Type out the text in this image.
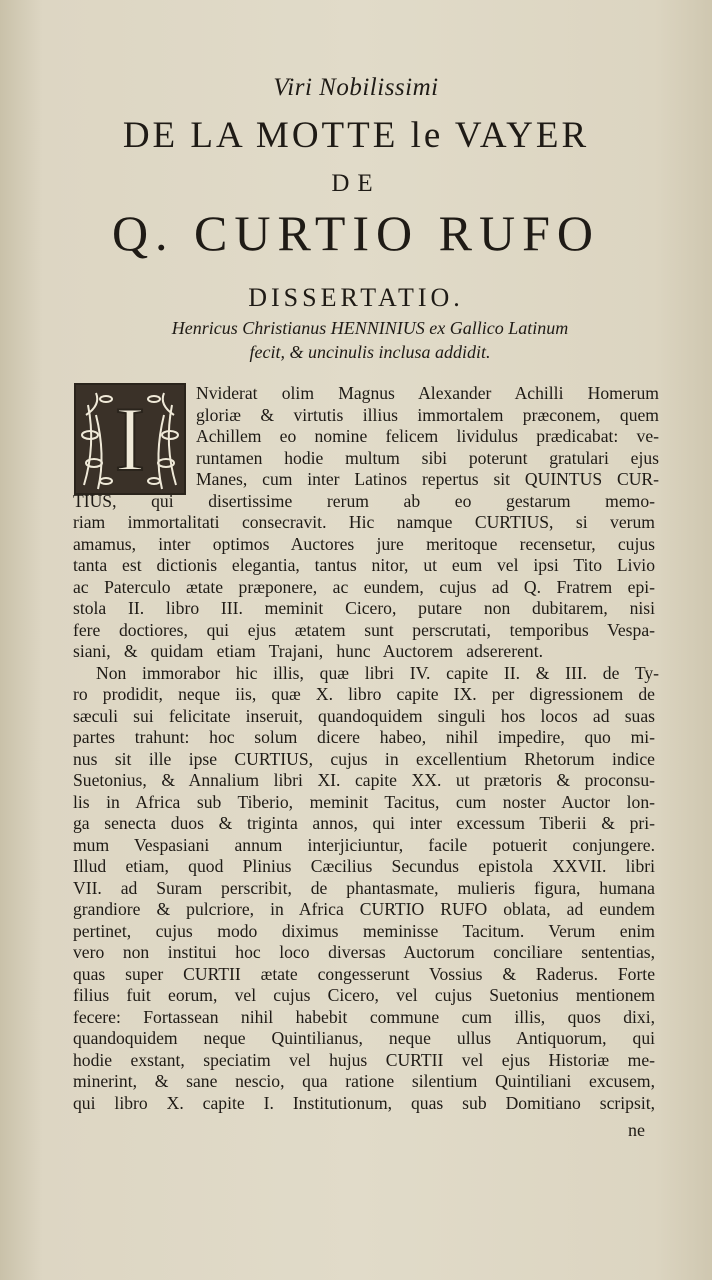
Viri Nobilissimi
DE LA MOTTE le VAYER
DE
Q. CURTIO RUFO
DISSERTATIO.
Henricus Christianus HENNINIUS ex Gallico Latinum
fecit, & uncinulis inclusa addidit.
I	Nviderat olim Magnus Alexander Achilli Homerum
gloriæ & virtutis illius immortalem præconem, quem
Achillem eo nomine felicem lividulus prædicabat: ve-
runtamen hodie multum sibi poterunt gratulari ejus
Manes, cum inter Latinos repertus sit QUINTUS CUR-
TIUS, qui disertissime rerum ab eo gestarum memo-
riam immortalitati consecravit. Hic namque CURTIUS, si verum
amamus, inter optimos Auctores jure meritoque recensetur, cujus
tanta est dictionis elegantia, tantus nitor, ut eum vel ipsi Tito Livio
ac Paterculo ætate præponere, ac eundem, cujus ad Q. Fratrem epi-
stola II. libro III. meminit Cicero, putare non dubitarem, nisi
fere doctiores, qui ejus ætatem sunt perscrutati, temporibus Vespa-
siani, & quidam etiam Trajani, hunc Auctorem adsererent.
Non immorabor hic illis, quæ libri IV. capite II. & III. de Ty-
ro prodidit, neque iis, quæ X. libro capite IX. per digressionem de
sæculi sui felicitate inseruit, quandoquidem singuli hos locos ad suas
partes trahunt: hoc solum dicere habeo, nihil impedire, quo mi-
nus sit ille ipse CURTIUS, cujus in excellentium Rhetorum indice
Suetonius, & Annalium libri XI. capite XX. ut prætoris & proconsu-
lis in Africa sub Tiberio, meminit Tacitus, cum noster Auctor lon-
ga senecta duos & triginta annos, qui inter excessum Tiberii & pri-
mum Vespasiani annum interjiciuntur, facile potuerit conjungere.
Illud etiam, quod Plinius Cæcilius Secundus epistola XXVII. libri
VII. ad Suram perscribit, de phantasmate, mulieris figura, humana
grandiore & pulcriore, in Africa CURTIO RUFO oblata, ad eundem
pertinet, cujus modo diximus meminisse Tacitum. Verum enim
vero non institui hoc loco diversas Auctorum conciliare sententias,
quas super CURTII ætate congesserunt Vossius & Raderus. Forte
filius fuit eorum, vel cujus Cicero, vel cujus Suetonius mentionem
fecere: Fortassean nihil habebit commune cum illis, quos dixi,
quandoquidem neque Quintilianus, neque ullus Antiquorum, qui
hodie exstant, speciatim vel hujus CURTII vel ejus Historiæ me-
minerint, & sane nescio, qua ratione silentium Quintiliani excusem,
qui libro X. capite I. Institutionum, quas sub Domitiano scripsit,
ne
